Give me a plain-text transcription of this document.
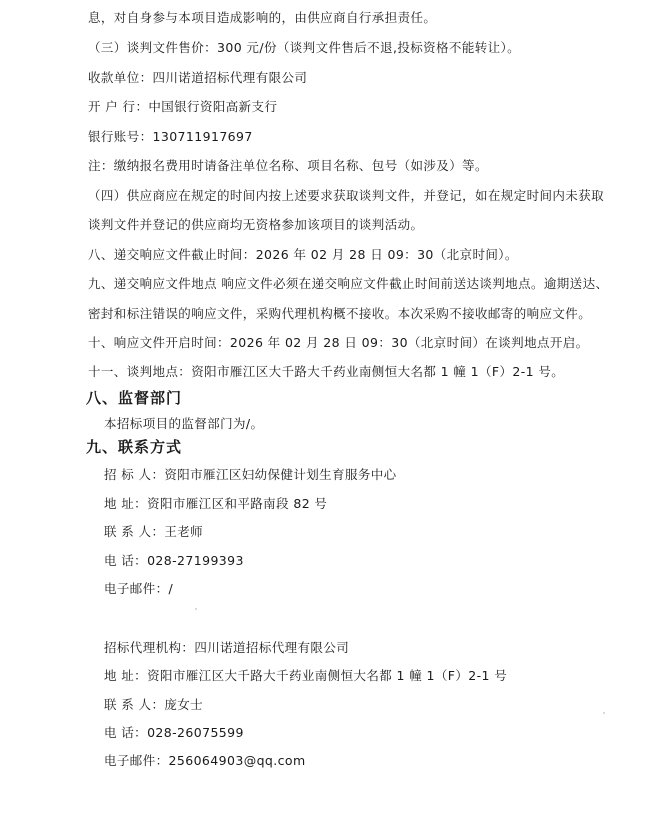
息，对自身参与本项目造成影响的，由供应商自行承担责任。
（三）谈判文件售价：300 元/份（谈判文件售后不退,投标资格不能转让）。
收款单位：四川诺道招标代理有限公司
开 户 行：中国银行资阳高新支行
银行账号：130711917697
注：缴纳报名费用时请备注单位名称、项目名称、包号（如涉及）等。
（四）供应商应在规定的时间内按上述要求获取谈判文件，并登记，如在规定时间内未获取
谈判文件并登记的供应商均无资格参加该项目的谈判活动。
八、递交响应文件截止时间：2026 年 02 月 28 日 09：30（北京时间）。
九、递交响应文件地点 响应文件必须在递交响应文件截止时间前送达谈判地点。逾期送达、
密封和标注错误的响应文件，采购代理机构概不接收。本次采购不接收邮寄的响应文件。
十、响应文件开启时间：2026 年 02 月 28 日 09：30（北京时间）在谈判地点开启。
十一、谈判地点：资阳市雁江区大千路大千药业南侧恒大名都 1 幢 1（F）2-1 号。
八、监督部门
本招标项目的监督部门为/。
九、联系方式
招 标 人：资阳市雁江区妇幼保健计划生育服务中心
地 址：资阳市雁江区和平路南段 82 号
联 系 人：王老师
电 话：028-27199393
电子邮件：/
招标代理机构：四川诺道招标代理有限公司
地 址：资阳市雁江区大千路大千药业南侧恒大名都 1 幢 1（F）2-1 号
联 系 人：庞女士
电 话：028-26075599
电子邮件：256064903@qq.com
